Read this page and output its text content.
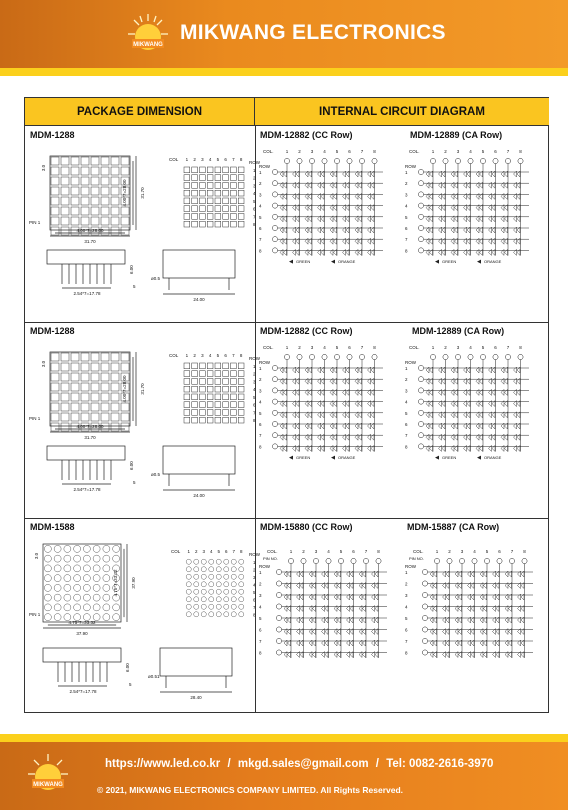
MIKWANG
MIKWANG ELECTRONICS
PACKAGE DIMENSION	INTERNAL CIRCUIT DIAGRAM
MDM-1288	MDM-12882 (CC Row)	MDM-12889 (CA Row)
31.70
4.00*7=28.00
31.70
4.00*7=28.00
3.0
PIN 1
2.54*7=17.78
6.00
5
24.00
ø0.5
COL
ROW
1 2 3 4 5 6 7 8
1
2
3
4
5
6
7
8
COL.
ROW
1 2 3 4 5 6 7 8
1
2
3
4
5
6
7
8
GREEN	ORANGE
COL.
ROW
1 2 3 4 5 6 7 8
1
2
3
4
5
6
7
8
GREEN	ORANGE
MDM-1288	MDM-12882 (CC Row)	MDM-12889 (CA Row)
31.70
4.00*7=28.00
31.70
4.00*7=28.00
3.0
PIN 1
2.54*7=17.78
6.00
5
24.00
ø0.5
COL
ROW
1 2 3 4 5 6 7 8
1
2
3
4
5
6
7
8
COL.
ROW
1 2 3 4 5 6 7 8
1
2
3
4
5
6
7
8
GREEN	ORANGE
COL.
ROW
1 2 3 4 5 6 7 8
1
2
3
4
5
6
7
8
GREEN	ORANGE
MDM-1588	MDM-15880 (CC Row)	MDM-15887 (CA Row)
37.90
4.75*7=33.32
37.90
4.75*7=33.32
3.0
PIN 1
2.54*7=17.78
6.00
5
28.40
ø0.51
COL
ROW
1 2 3 4 5 6 7 8
1
2
3
4
5
6
7
8
COL.
PIN NO.
ROW
1 2 3 4 5 6 7 8
1
2
3
4
5
6
7
8
COL.
PIN NO.
ROW
1 2 3 4 5 6 7 8
1
2
3
4
5
6
7
8
MIKWANG
https://www.led.co.kr / mkgd.sales@gmail.com / Tel: 0082-2616-3970
© 2021, MIKWANG ELECTRONICS COMPANY LIMITED. All Rights Reserved.
